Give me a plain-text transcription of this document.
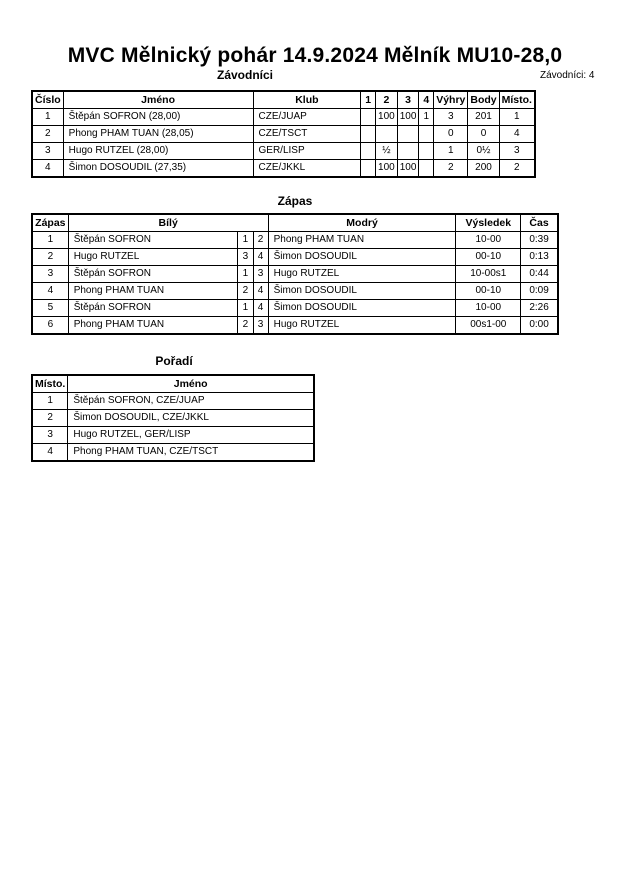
MVC Mělnický pohár 14.9.2024 Mělník MU10-28,0
Závodníci	Závodníci: 4
Číslo	Jméno	Klub	1	2	3	4	Výhry	Body	Místo.
1	Štěpán SOFRON (28,00)	CZE/JUAP		100	100	1	3	201	1
2	Phong PHAM TUAN (28,05)	CZE/TSCT					0	0	4
3	Hugo RUTZEL (28,00)	GER/LISP		½			1	0½	3
4	Šimon DOSOUDIL (27,35)	CZE/JKKL		100	100		2	200	2
Zápas
Zápas	Bílý			Modrý	Výsledek	Čas
1	Štěpán SOFRON	1	2	Phong PHAM TUAN	10-00	0:39
2	Hugo RUTZEL	3	4	Šimon DOSOUDIL	00-10	0:13
3	Štěpán SOFRON	1	3	Hugo RUTZEL	10-00s1	0:44
4	Phong PHAM TUAN	2	4	Šimon DOSOUDIL	00-10	0:09
5	Štěpán SOFRON	1	4	Šimon DOSOUDIL	10-00	2:26
6	Phong PHAM TUAN	2	3	Hugo RUTZEL	00s1-00	0:00
Pořadí
Místo.	Jméno
1	Štěpán SOFRON, CZE/JUAP
2	Šimon DOSOUDIL, CZE/JKKL
3	Hugo RUTZEL, GER/LISP
4	Phong PHAM TUAN, CZE/TSCT
